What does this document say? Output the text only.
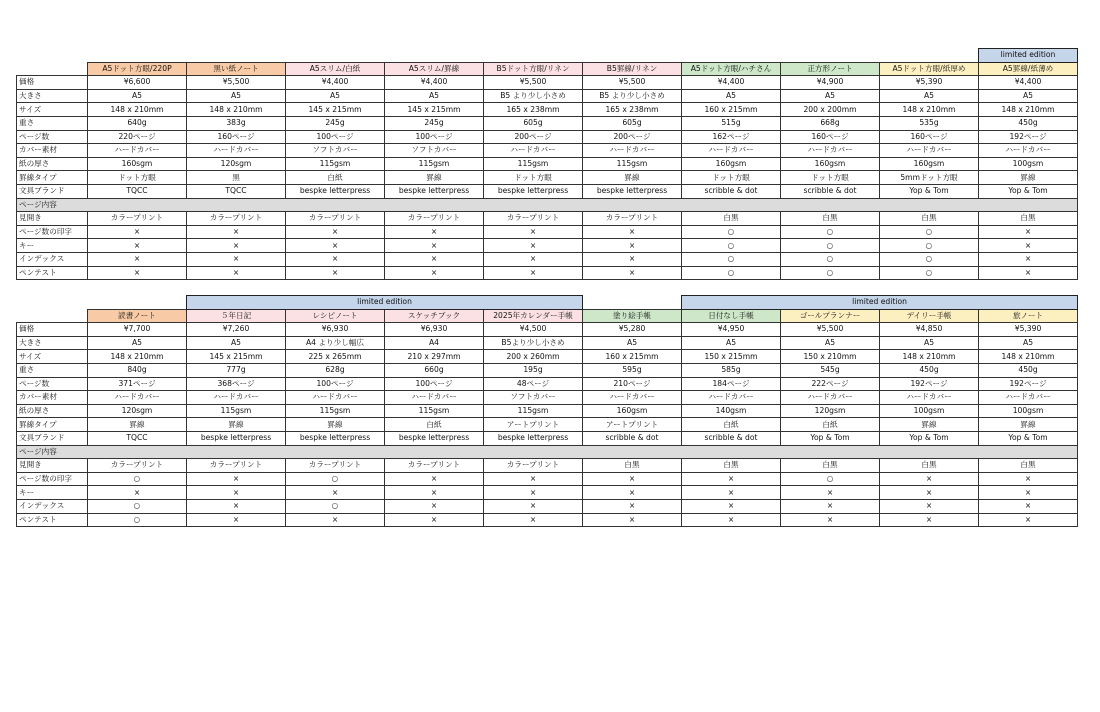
										limited edition
	A5ドット方眼/220P	黒い紙ノート	A5スリム/白紙	A5スリム/罫線	B5ドット方眼/リネン	B5罫線/リネン	A5ドット方眼/ハチさん	正方形ノート	A5ドット方眼/紙厚め	A5罫線/紙薄め
価格	¥6,600	¥5,500	¥4,400	¥4,400	¥5,500	¥5,500	¥4,400	¥4,900	¥5,390	¥4,400
大きさ	A5	A5	A5	A5	B5 より少し小さめ	B5 より少し小さめ	A5	A5	A5	A5
サイズ	148 x 210mm	148 x 210mm	145 x 215mm	145 x 215mm	165 x 238mm	165 x 238mm	160 x 215mm	200 x 200mm	148 x 210mm	148 x 210mm
重さ	640g	383g	245g	245g	605g	605g	515g	668g	535g	450g
ページ数	220ページ	160ページ	100ページ	100ページ	200ページ	200ページ	162ページ	160ページ	160ページ	192ページ
カバー素材	ハードカバー	ハードカバー	ソフトカバー	ソフトカバー	ハードカバー	ハードカバー	ハードカバー	ハードカバー	ハードカバー	ハードカバー
紙の厚さ	160sgm	120sgm	115gsm	115gsm	115gsm	115gsm	160gsm	160gsm	160gsm	100gsm
罫線タイプ	ドット方眼	黒	白紙	罫線	ドット方眼	罫線	ドット方眼	ドット方眼	5mmドット方眼	罫線
文具ブランド	TQCC	TQCC	bespke letterpress	bespke letterpress	bespke letterpress	bespke letterpress	scribble & dot	scribble & dot	Yop & Tom	Yop & Tom
ページ内容										
見開き	カラープリント	カラープリント	カラープリント	カラープリント	カラープリント	カラープリント	白黒	白黒	白黒	白黒
ページ数の印字	×	×	×	×	×	×	○	○	○	×
キー	×	×	×	×	×	×	○	○	○	×
インデックス	×	×	×	×	×	×	○	○	○	×
ペンテスト	×	×	×	×	×	×	○	○	○	×
		limited edition					limited edition			
	読書ノート	５年日記	レシピノート	スケッチブック	2025年カレンダー手帳	塗り絵手帳	日付なし手帳	ゴールプランナー	デイリー手帳	旅ノート
価格	¥7,700	¥7,260	¥6,930	¥6,930	¥4,500	¥5,280	¥4,950	¥5,500	¥4,850	¥5,390
大きさ	A5	A5	A4 より少し幅広	A4	B5より少し小さめ	A5	A5	A5	A5	A5
サイズ	148 x 210mm	145 x 215mm	225 x 265mm	210 x 297mm	200 x 260mm	160 x 215mm	150 x 215mm	150 x 210mm	148 x 210mm	148 x 210mm
重さ	840g	777g	628g	660g	195g	595g	585g	545g	450g	450g
ページ数	371ページ	368ページ	100ページ	100ページ	48ページ	210ページ	184ページ	222ページ	192ページ	192ページ
カバー素材	ハードカバー	ハードカバー	ハードカバー	ハードカバー	ソフトカバー	ハードカバー	ハードカバー	ハードカバー	ハードカバー	ハードカバー
紙の厚さ	120sgm	115gsm	115gsm	115gsm	115gsm	160gsm	140gsm	120gsm	100gsm	100gsm
罫線タイプ	罫線	罫線	罫線	白紙	アートプリント	アートプリント	白紙	白紙	罫線	罫線
文具ブランド	TQCC	bespke letterpress	bespke letterpress	bespke letterpress	bespke letterpress	scribble & dot	scribble & dot	Yop & Tom	Yop & Tom	Yop & Tom
ページ内容										
見開き	カラープリント	カラープリント	カラープリント	カラープリント	カラープリント	白黒	白黒	白黒	白黒	白黒
ページ数の印字	○	×	○	×	×	×	×	○	×	×
キー	×	×	×	×	×	×	×	×	×	×
インデックス	○	×	○	×	×	×	×	×	×	×
ペンテスト	○	×	×	×	×	×	×	×	×	×
